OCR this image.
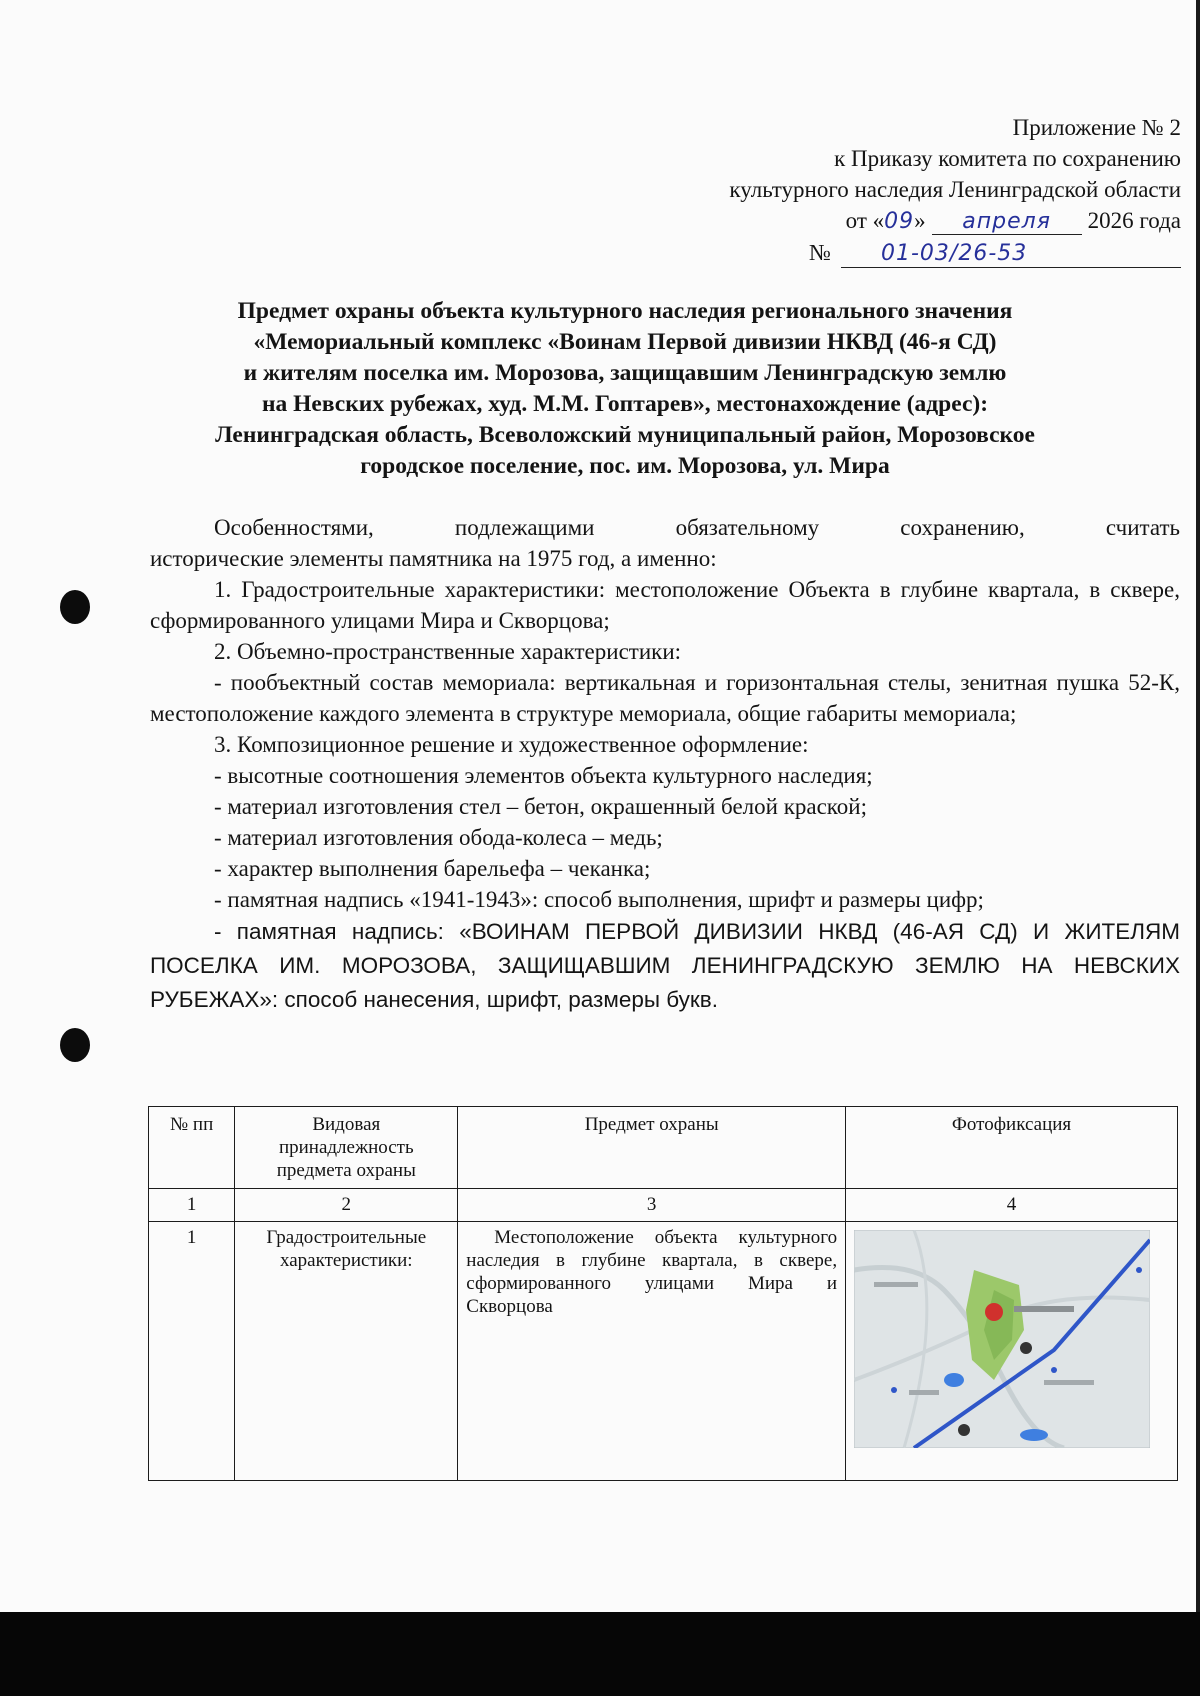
Приложение № 2
к Приказу комитета по сохранению
культурного наследия Ленинградской области
от «09»	апреля	2026 года
№	01-03/26-53
Предмет охраны объекта культурного наследия регионального значения
«Мемориальный комплекс «Воинам Первой дивизии НКВД (46-я СД)
и жителям поселка им. Морозова, защищавшим Ленинградскую землю
на Невских рубежах, худ. М.М. Гоптарев», местонахождение (адрес):
Ленинградская область, Всеволожский муниципальный район, Морозовское
городское поселение, пос. им. Морозова, ул. Мира

Особенностями, подлежащими обязательному сохранению, считать

исторические элементы памятника на 1975 год, а именно:

1. Градостроительные характеристики: местоположение Объекта в глубине квартала, в сквере, сформированного улицами Мира и Скворцова;

2. Объемно-пространственные характеристики:

- пообъектный состав мемориала: вертикальная и горизонтальная стелы, зенитная пушка 52-К, местоположение каждого элемента в структуре мемориала, общие габариты мемориала;

3. Композиционное решение и художественное оформление:

- высотные соотношения элементов объекта культурного наследия;

- материал изготовления стел – бетон, окрашенный белой краской;

- материал изготовления обода-колеса – медь;

- характер выполнения барельефа – чеканка;

- памятная надпись «1941-1943»: способ выполнения, шрифт и размеры цифр;

- памятная надпись: «ВОИНАМ ПЕРВОЙ ДИВИЗИИ НКВД (46-АЯ СД) И ЖИТЕЛЯМ ПОСЕЛКА ИМ. МОРОЗОВА, ЗАЩИЩАВШИМ ЛЕНИНГРАДСКУЮ ЗЕМЛЮ НА НЕВСКИХ РУБЕЖАХ»: способ нанесения, шрифт, размеры букв.

№ пп	Видовая принадлежность предмета охраны	Предмет охраны	Фотофиксация
1	2	3	4
1	Градостроительные характеристики:	Местоположение объекта культурного наследия в глубине квартала, в сквере, сформированного улицами Мира и Скворцова	
